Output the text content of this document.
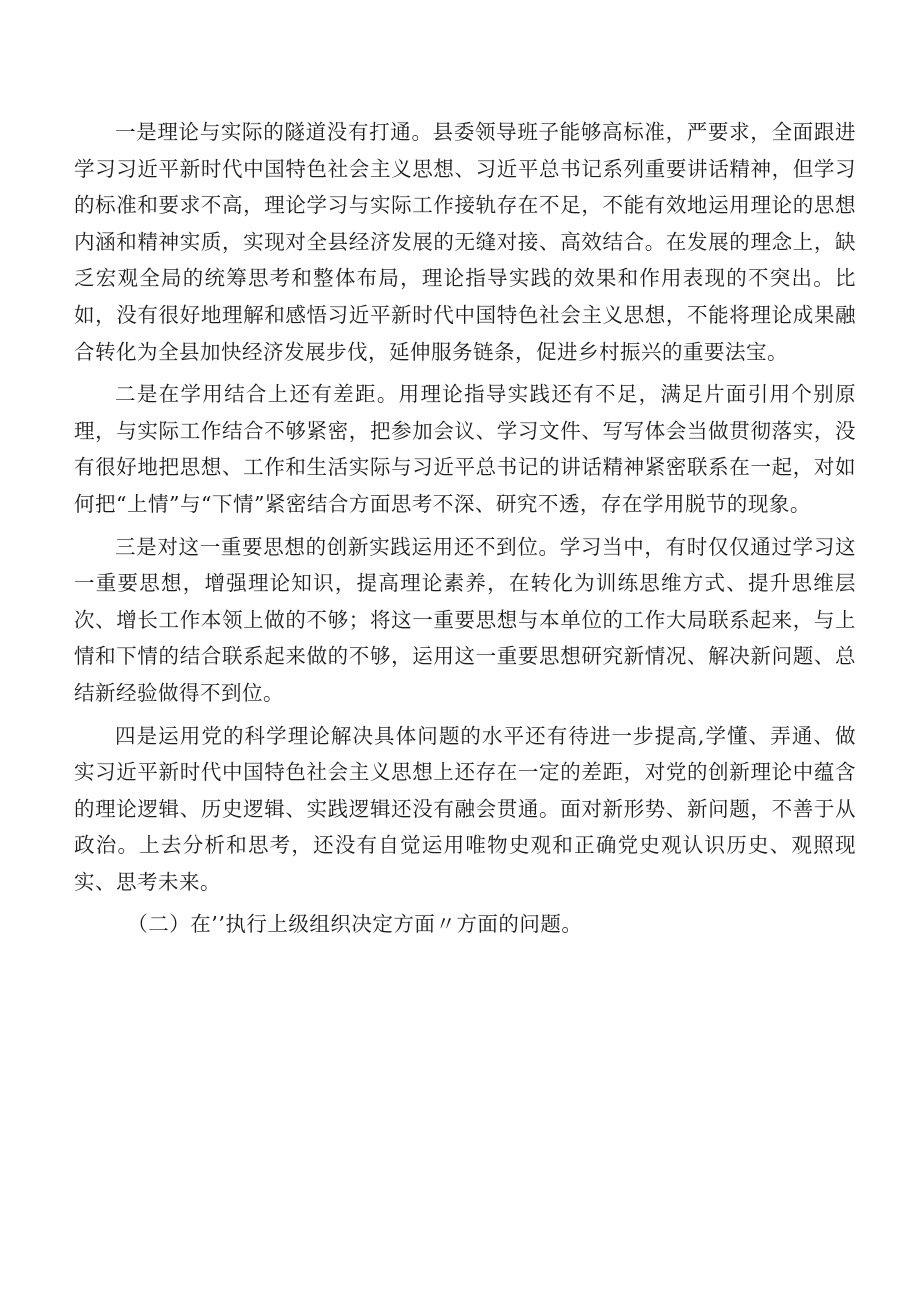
一是理论与实际的隧道没有打通。县委领导班子能够高标准，严要求，全面跟进学习习近平新时代中国特色社会主义思想、习近平总书记系列重要讲话精神，但学习的标准和要求不高，理论学习与实际工作接轨存在不足，不能有效地运用理论的思想内涵和精神实质，实现对全县经济发展的无缝对接、高效结合。在发展的理念上，缺乏宏观全局的统筹思考和整体布局，理论指导实践的效果和作用表现的不突出。比如，没有很好地理解和感悟习近平新时代中国特色社会主义思想，不能将理论成果融合转化为全县加快经济发展步伐，延伸服务链条，促进乡村振兴的重要法宝。

二是在学用结合上还有差距。用理论指导实践还有不足，满足片面引用个别原理，与实际工作结合不够紧密，把参加会议、学习文件、写写体会当做贯彻落实，没有很好地把思想、工作和生活实际与习近平总书记的讲话精神紧密联系在一起，对如何把“上情”与“下情”紧密结合方面思考不深、研究不透，存在学用脱节的现象。

三是对这一重要思想的创新实践运用还不到位。学习当中，有时仅仅通过学习这一重要思想，增强理论知识，提高理论素养，在转化为训练思维方式、提升思维层次、增长工作本领上做的不够；将这一重要思想与本单位的工作大局联系起来，与上情和下情的结合联系起来做的不够，运用这一重要思想研究新情况、解决新问题、总结新经验做得不到位。

四是运用党的科学理论解决具体问题的水平还有待进一步提高,学懂、弄通、做实习近平新时代中国特色社会主义思想上还存在一定的差距，对党的创新理论中蕴含的理论逻辑、历史逻辑、实践逻辑还没有融会贯通。面对新形势、新问题，不善于从政治。上去分析和思考，还没有自觉运用唯物史观和正确党史观认识历史、观照现实、思考未来。

（二）在’’执行上级组织决定方面〃方面的问题。
